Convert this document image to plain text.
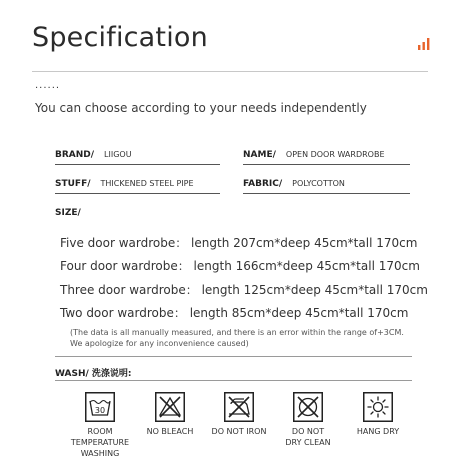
Specification
......
You can choose according to your needs independently
BRAND/ LIIGOU	NAME/ OPEN DOOR WARDROBE
STUFF/ THICKENED STEEL PIPE	FABRIC/ POLYCOTTON
SIZE/
Five door wardrobe： length 207cm*deep 45cm*tall 170cm
Four door wardrobe： length 166cm*deep 45cm*tall 170cm
Three door wardrobe： length 125cm*deep 45cm*tall 170cm
Two door wardrobe： length 85cm*deep 45cm*tall 170cm
(The data is all manually measured, and there is an error within the range of+3CM.
We apologize for any inconvenience caused)
WASH/ 洗涤说明:
30
ROOM
TEMPERATURE
WASHING
NO BLEACH	DO NOT IRON	DO NOT
DRY CLEAN
HANG DRY
